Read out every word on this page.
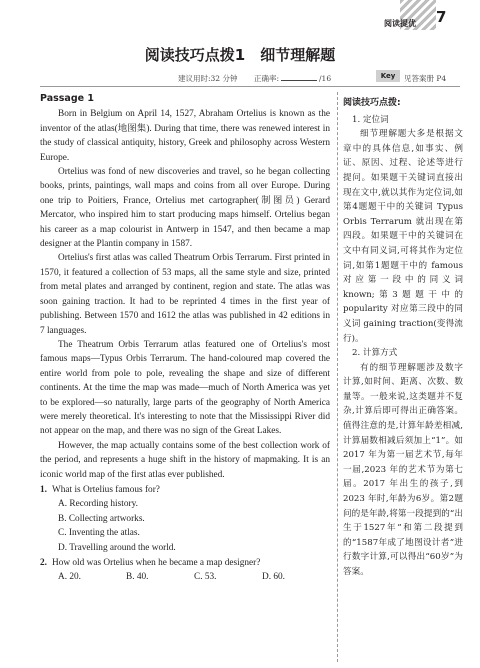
阅读提优 7
阅读技巧点拨1　细节理解题
建议用时:32 分钟 正确率:	/16	Key	见答案册 P4
Passage 1

Born in Belgium on April 14, 1527, Abraham Ortelius is known as the inventor of the atlas(地图集). During that time, there was renewed interest in the study of classical antiquity, history, Greek and philosophy across Western Europe.

Ortelius was fond of new discoveries and travel, so he began collecting books, prints, paintings, wall maps and coins from all over Europe. During one trip to Poitiers, France, Ortelius met cartographer(制图员) Gerard Mercator, who inspired him to start producing maps himself. Ortelius began his career as a map colourist in Antwerp in 1547, and then became a map designer at the Plantin company in 1587.

Ortelius's first atlas was called Theatrum Orbis Terrarum. First printed in 1570, it featured a collection of 53 maps, all the same style and size, printed from metal plates and arranged by continent, region and state. The atlas was soon gaining traction. It had to be reprinted 4 times in the first year of publishing. Between 1570 and 1612 the atlas was published in 42 editions in 7 languages.

The Theatrum Orbis Terrarum atlas featured one of Ortelius's most famous maps—Typus Orbis Terrarum. The hand-coloured map covered the entire world from pole to pole, revealing the shape and size of different continents. At the time the map was made—much of North America was yet to be explored—so naturally, large parts of the geography of North America were merely theoretical. It's interesting to note that the Mississippi River did not appear on the map, and there was no sign of the Great Lakes.

However, the map actually contains some of the best collection work of the period, and represents a huge shift in the history of mapmaking. It is an iconic world map of the first atlas ever published.

1. What is Ortelius famous for?
A. Recording history.
B. Collecting artworks.
C. Inventing the atlas.
D. Travelling around the world.
2. How old was Ortelius when he became a map designer?
A. 20.	B. 40.	C. 53.	D. 60.
阅读技巧点拨:
1. 定位词

细节理解题大多是根据文章中的具体信息,如事实、例证、原因、过程、论述等进行提问。如果题干关键词直接出现在文中,就以其作为定位词,如第4题题干中的关键词 Typus Orbis Terrarum 就出现在第四段。如果题干中的关键词在文中有同义词,可将其作为定位词,如第1题题干中的 famous 对应第一段中的同义词 known;第3题题干中的 popularity 对应第三段中的同义词 gaining traction(变得流行)。

2. 计算方式

有的细节理解题涉及数字计算,如时间、距离、次数、数量等。一般来说,这类题并不复杂,计算后即可得出正确答案。值得注意的是,计算年龄差相减,计算届数相减后须加上“1”。如 2017 年为第一届艺术节,每年一届,2023 年的艺术节为第七届。2017 年出生的孩子,到 2023 年时,年龄为6岁。第2题问的是年龄,将第一段提到的“出生于1527年”和第二段提到的“1587年成了地图设计者”进行数字计算,可以得出“60岁”为答案。
